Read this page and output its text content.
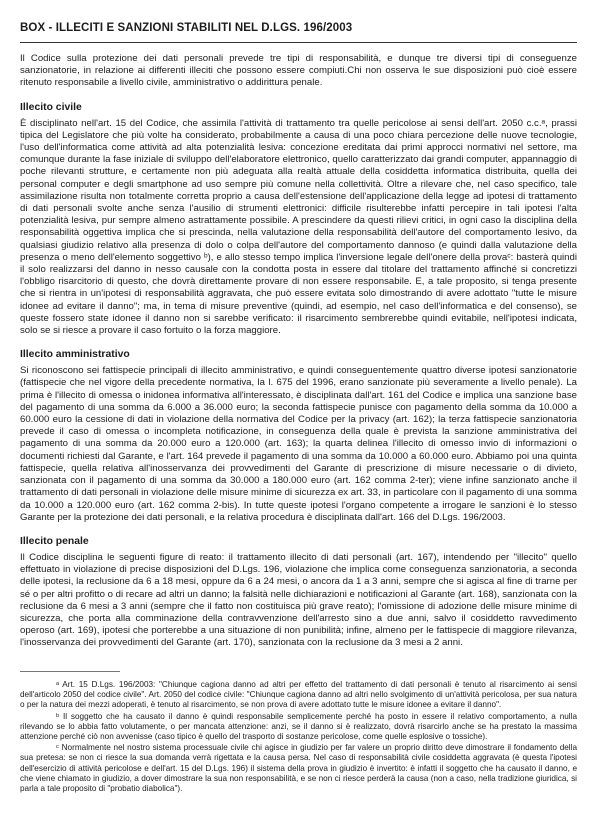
BOX - ILLECITI E SANZIONI STABILITI NEL D.LGS. 196/2003

Il Codice sulla protezione dei dati personali prevede tre tipi di responsabilità, e dunque tre diversi tipi di conseguenze sanzionatorie, in relazione ai differenti illeciti che possono essere compiuti.Chi non osserva le sue disposizioni può cioè essere ritenuto responsabile a livello civile, amministrativo o addirittura penale.

Illecito civile

È disciplinato nell'art. 15 del Codice, che assimila l'attività di trattamento tra quelle pericolose ai sensi dell'art. 2050 c.c.ᵃ, prassi tipica del Legislatore che più volte ha considerato, probabilmente a causa di una poco chiara percezione delle nuove tecnologie, l'uso dell'informatica come attività ad alta potenzialità lesiva: concezione ereditata dai primi approcci normativi nel settore, ma comunque durante la fase iniziale di sviluppo dell'elaboratore elettronico, quello caratterizzato dai grandi computer, appannaggio di poche rilevanti strutture, e certamente non più adeguata alla realtà attuale della cosiddetta informatica distribuita, quella dei personal computer e degli smartphone ad uso sempre più comune nella collettività. Oltre a rilevare che, nel caso specifico, tale assimilazione risulta non totalmente corretta proprio a causa dell'estensione dell'applicazione della legge ad ipotesi di trattamento di dati personali svolte anche senza l'ausilio di strumenti elettronici: difficile risulterebbe infatti percepire in tali ipotesi l'alta potenzialità lesiva, pur sempre almeno astrattamente possibile. A prescindere da questi rilievi critici, in ogni caso la disciplina della responsabilità oggettiva implica che si prescinda, nella valutazione della responsabilità dell'autore del comportamento lesivo, da qualsiasi giudizio relativo alla presenza di dolo o colpa dell'autore del comportamento dannoso (e quindi dalla valutazione della presenza o meno dell'elemento soggettivo ᵇ), e allo stesso tempo implica l'inversione legale dell'onere della provaᶜ: basterà quindi il solo realizzarsi del danno in nesso causale con la condotta posta in essere dal titolare del trattamento affinché si concretizzi l'obbligo risarcitorio di questo, che dovrà direttamente provare di non essere responsabile. E, a tale proposito, si tenga presente che si rientra in un'ipotesi di responsabilità aggravata, che può essere evitata solo dimostrando di avere adottato "tutte le misure idonee ad evitare il danno"; ma, in tema di misure preventive (quindi, ad esempio, nel caso dell'informatica e del consenso), se queste fossero state idonee il danno non si sarebbe verificato: il risarcimento sembrerebbe quindi evitabile, nell'ipotesi indicata, solo se si riesce a provare il caso fortuito o la forza maggiore.

Illecito amministrativo

Si riconoscono sei fattispecie principali di illecito amministrativo, e quindi conseguentemente quattro diverse ipotesi sanzionatorie (fattispecie che nel vigore della precedente normativa, la l. 675 del 1996, erano sanzionate più severamente a livello penale). La prima è l'illecito di omessa o inidonea informativa all'interessato, è disciplinata dall'art. 161 del Codice e implica una sanzione base del pagamento di una somma da 6.000 a 36.000 euro; la seconda fattispecie punisce con pagamento della somma da 10.000 a 60.000 euro la cessione di dati in violazione della normativa del Codice per la privacy (art. 162); la terza fattispecie sanzionatoria prevede il caso di omessa o incompleta notificazione, in conseguenza della quale è prevista la sanzione amministrativa del pagamento di una somma da 20.000 euro a 120.000 (art. 163); la quarta delinea l'illecito di omesso invio di informazioni o documenti richiesti dal Garante, e l'art. 164 prevede il pagamento di una somma da 10.000 a 60.000 euro. Abbiamo poi una quinta fattispecie, quella relativa all'inosservanza dei provvedimenti del Garante di prescrizione di misure necessarie o di divieto, sanzionata con il pagamento di una somma da 30.000 a 180.000 euro (art. 162 comma 2-ter); viene infine sanzionato anche il trattamento di dati personali in violazione delle misure minime di sicurezza ex art. 33, in particolare con il pagamento di una somma da 10.000 a 120.000 euro (art. 162 comma 2-bis). In tutte queste ipotesi l'organo competente a irrogare le sanzioni è lo stesso Garante per la protezione dei dati personali, e la relativa procedura è disciplinata dall'art. 166 del D.Lgs. 196/2003.

Illecito penale

Il Codice disciplina le seguenti figure di reato: il trattamento illecito di dati personali (art. 167), intendendo per "illecito" quello effettuato in violazione di precise disposizioni del D.Lgs. 196, violazione che implica come conseguenza sanzionatoria, a seconda delle ipotesi, la reclusione da 6 a 18 mesi, oppure da 6 a 24 mesi, o ancora da 1 a 3 anni, sempre che si agisca al fine di trarne per sé o per altri profitto o di recare ad altri un danno; la falsità nelle dichiarazioni e notificazioni al Garante (art. 168), sanzionata con la reclusione da 6 mesi a 3 anni (sempre che il fatto non costituisca più grave reato); l'omissione di adozione delle misure minime di sicurezza, che porta alla comminazione della contravvenzione dell'arresto sino a due anni, salvo il cosiddetto ravvedimento operoso (art. 169), ipotesi che porterebbe a una situazione di non punibilità; infine, almeno per le fattispecie di maggiore rilevanza, l'inosservanza dei provvedimenti del Garante (art. 170), sanzionata con la reclusione da 3 mesi a 2 anni.

ᵃ Art. 15 D.Lgs. 196/2003: "Chiunque cagiona danno ad altri per effetto del trattamento di dati personali è tenuto al risarcimento ai sensi dell'articolo 2050 del codice civile". Art. 2050 del codice civile: "Chiunque cagiona danno ad altri nello svolgimento di un'attività pericolosa, per sua natura o per la natura dei mezzi adoperati, è tenuto al risarcimento, se non prova di avere adottato tutte le misure idonee a evitare il danno".

ᵇ Il soggetto che ha causato il danno è quindi responsabile semplicemente perché ha posto in essere il relativo comportamento, a nulla rilevando se lo abbia fatto volutamente, o per mancata attenzione: anzi, se il danno si è realizzato, dovrà risarcirlo anche se ha prestato la massima attenzione perché ciò non avvenisse (caso tipico è quello del trasporto di sostanze pericolose, come quelle esplosive o tossiche).

ᶜ Normalmente nel nostro sistema processuale civile chi agisce in giudizio per far valere un proprio diritto deve dimostrare il fondamento della sua pretesa: se non ci riesce la sua domanda verrà rigettata e la causa persa. Nel caso di responsabilità civile cosiddetta aggravata (è questa l'ipotesi dell'esercizio di attività pericolose e dell'art. 15 del D.Lgs. 196) il sistema della prova in giudizio è invertito: è infatti il soggetto che ha causato il danno, e che viene chiamato in giudizio, a dover dimostrare la sua non responsabilità, e se non ci riesce perderà la causa (non a caso, nella tradizione giuridica, si parla a tale proposito di "probatio diabolica").
